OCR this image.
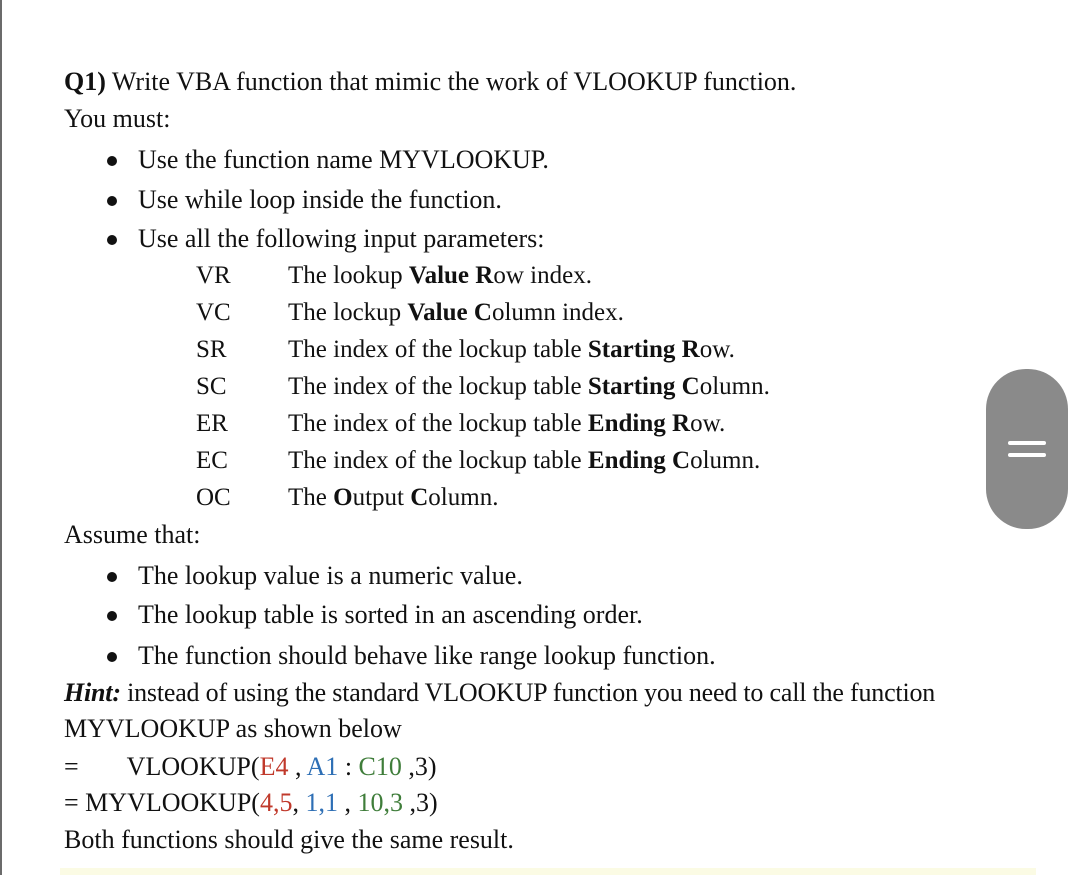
Q1) Write VBA function that mimic the work of VLOOKUP function.
You must:
Use the function name MYVLOOKUP.
Use while loop inside the function.
Use all the following input parameters:
VR The lookup Value Row index.
VC The lockup Value Column index.
SR The index of the lockup table Starting Row.
SC The index of the lockup table Starting Column.
ER The index of the lockup table Ending Row.
EC The index of the lockup table Ending Column.
OC The Output Column.
Assume that:
The lookup value is a numeric value.
The lookup table is sorted in an ascending order.
The function should behave like range lookup function.
Hint: instead of using the standard VLOOKUP function you need to call the function
MYVLOOKUP as shown below
= VLOOKUP(E4 , A1 : C10 ,3)
= MYVLOOKUP(4,5, 1,1 , 10,3 ,3)
Both functions should give the same result.
